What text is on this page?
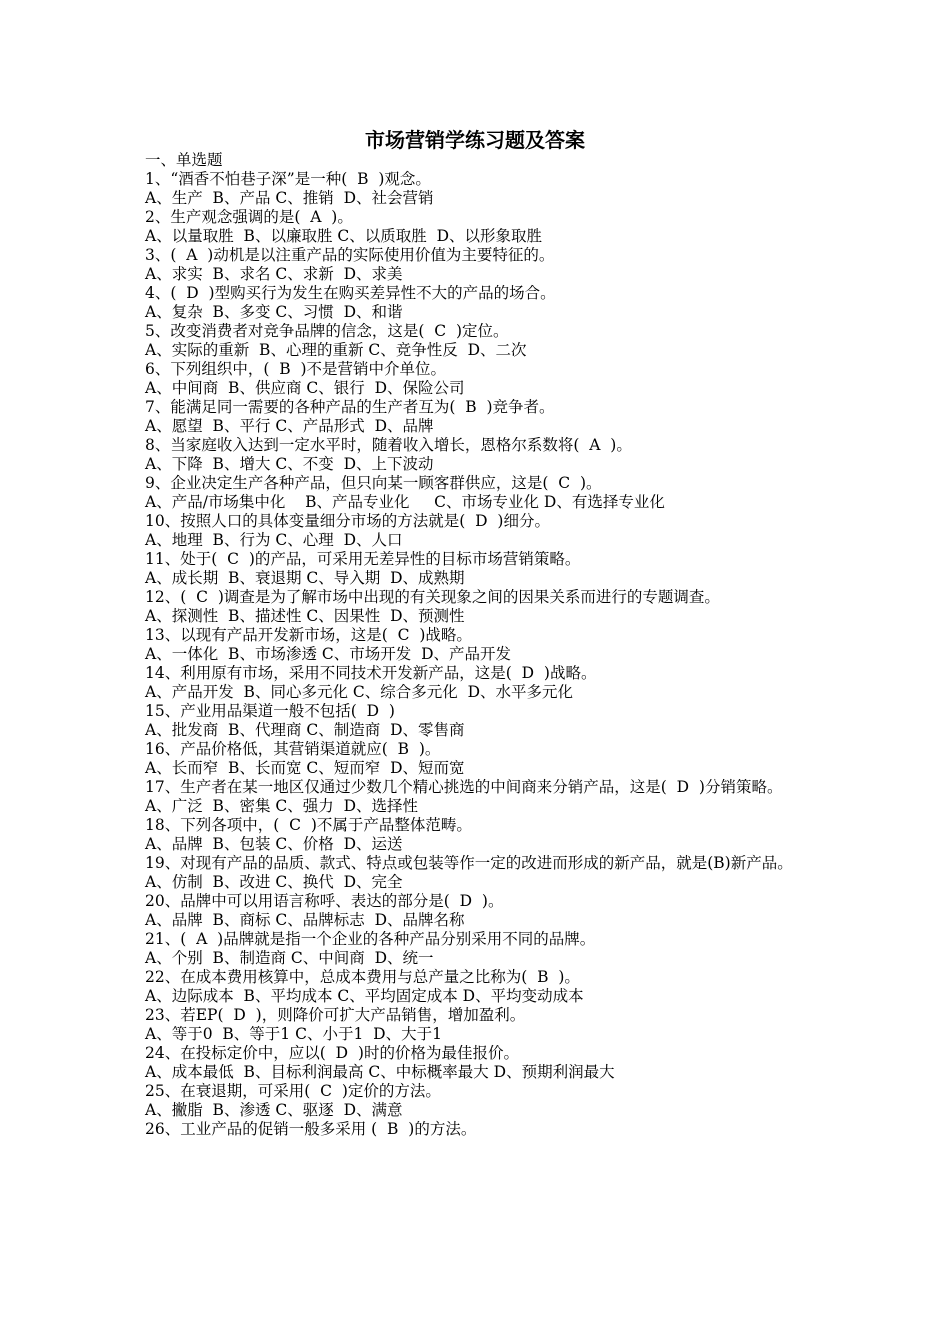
市场营销学练习题及答案
一、单选题
1、“酒香不怕巷子深”是一种(  B  )观念。
A、生产  B、产品 C、推销  D、社会营销
2、生产观念强调的是(  A  )。
A、以量取胜  B、以廉取胜 C、以质取胜  D、以形象取胜
3、(  A  )动机是以注重产品的实际使用价值为主要特征的。
A、求实  B、求名 C、求新  D、求美
4、(  D  )型购买行为发生在购买差异性不大的产品的场合。
A、复杂  B、多变 C、习惯  D、和谐
5、改变消费者对竞争品牌的信念，这是(  C  )定位。
A、实际的重新  B、心理的重新 C、竞争性反  D、二次
6、下列组织中，(  B  )不是营销中介单位。
A、中间商  B、供应商 C、银行  D、保险公司
7、能满足同一需要的各种产品的生产者互为(  B  )竞争者。
A、愿望  B、平行 C、产品形式  D、品牌
8、当家庭收入达到一定水平时，随着收入增长，恩格尔系数将(  A  )。
A、下降  B、增大 C、不变  D、上下波动
9、企业决定生产各种产品，但只向某一顾客群供应，这是(  C  )。
A、产品/市场集中化    B、产品专业化     C、市场专业化 D、有选择专业化
10、按照人口的具体变量细分市场的方法就是(  D  )细分。
A、地理  B、行为 C、心理  D、人口
11、处于(  C  )的产品，可采用无差异性的目标市场营销策略。
A、成长期  B、衰退期 C、导入期  D、成熟期
12、(  C  )调查是为了解市场中出现的有关现象之间的因果关系而进行的专题调查。
A、探测性  B、描述性 C、因果性  D、预测性
13、以现有产品开发新市场，这是(  C  )战略。
A、一体化  B、市场渗透 C、市场开发  D、产品开发
14、利用原有市场，采用不同技术开发新产品，这是(  D  )战略。
A、产品开发  B、同心多元化 C、综合多元化  D、水平多元化
15、产业用品渠道一般不包括(  D  )
A、批发商  B、代理商 C、制造商  D、零售商
16、产品价格低，其营销渠道就应(  B  )。
A、长而窄  B、长而宽 C、短而窄  D、短而宽
17、生产者在某一地区仅通过少数几个精心挑选的中间商来分销产品，这是(  D  )分销策略。
A、广泛  B、密集 C、强力  D、选择性
18、下列各项中，(  C  )不属于产品整体范畴。
A、品牌  B、包装 C、价格  D、运送
19、对现有产品的品质、款式、特点或包装等作一定的改进而形成的新产品，就是(B)新产品。
A、仿制  B、改进 C、换代  D、完全
20、品牌中可以用语言称呼、表达的部分是(  D  )。
A、品牌  B、商标 C、品牌标志  D、品牌名称
21、(  A  )品牌就是指一个企业的各种产品分别采用不同的品牌。
A、个别  B、制造商 C、中间商  D、统一
22、在成本费用核算中，总成本费用与总产量之比称为(  B  )。
A、边际成本  B、平均成本 C、平均固定成本 D、平均变动成本
23、若EP(  D  )，则降价可扩大产品销售，增加盈利。
A、等于0  B、等于1 C、小于1  D、大于1
24、在投标定价中，应以(  D  )时的价格为最佳报价。
A、成本最低  B、目标利润最高 C、中标概率最大 D、预期利润最大
25、在衰退期，可采用(  C  )定价的方法。
A、撇脂  B、渗透 C、驱逐  D、满意
26、工业产品的促销一般多采用 (  B  )的方法。
